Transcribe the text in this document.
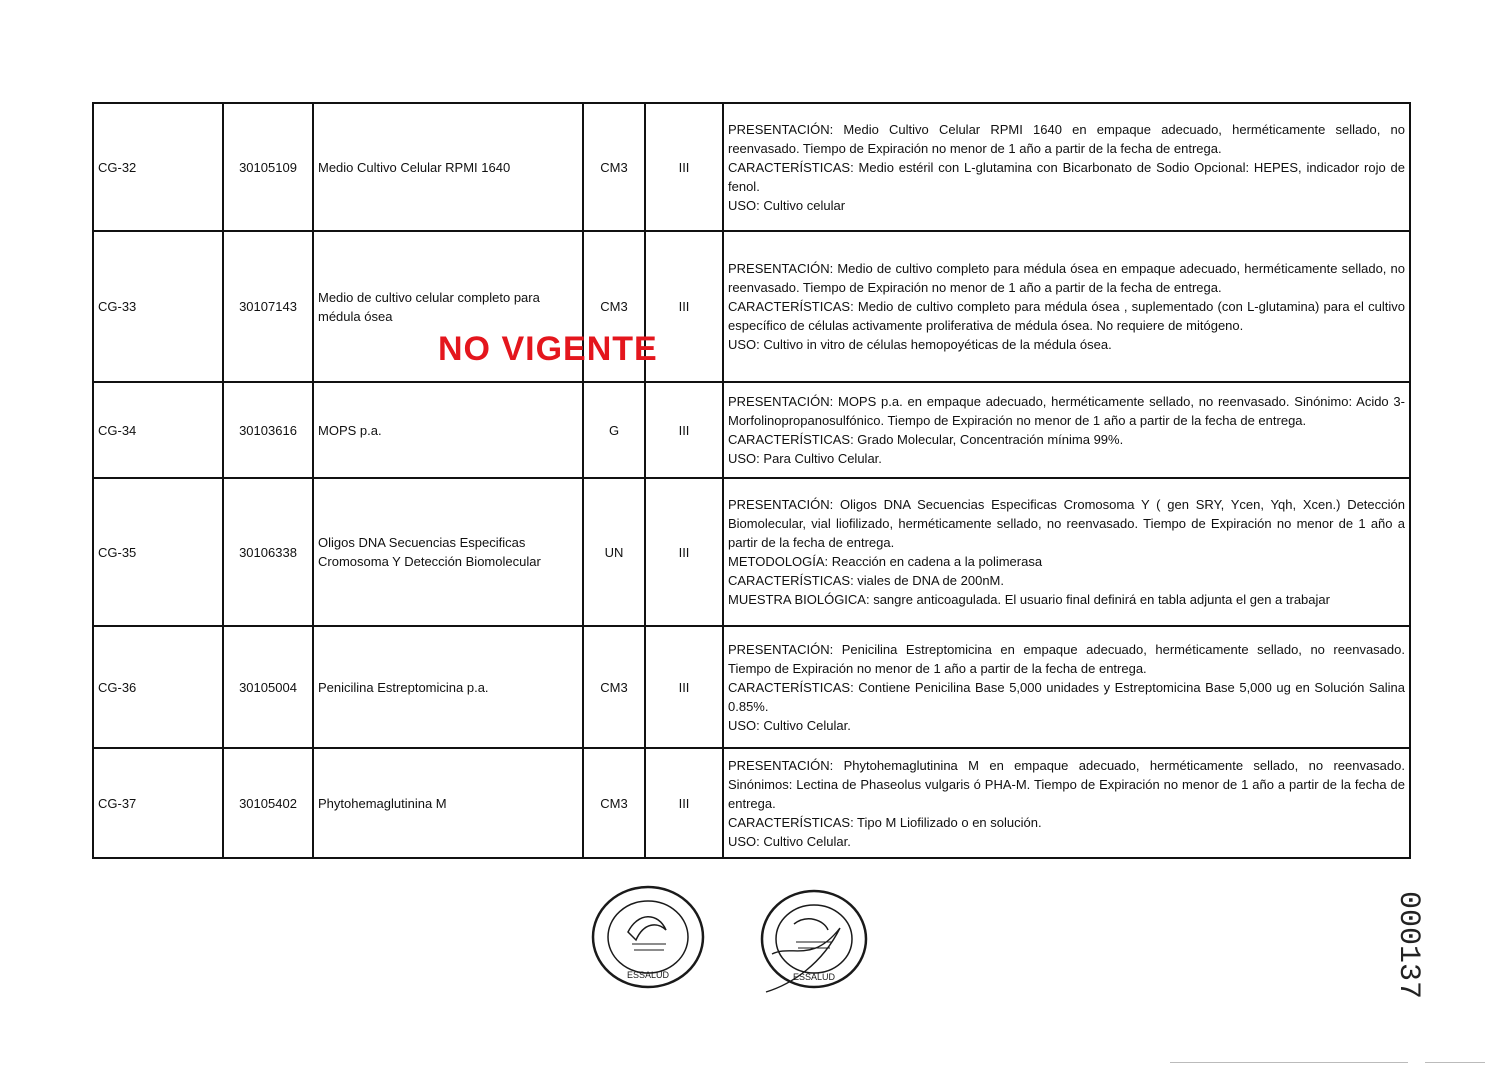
CG-32	30105109	Medio Cultivo Celular RPMI 1640	CM3	III	PRESENTACIÓN: Medio Cultivo Celular RPMI 1640 en empaque adecuado, herméticamente sellado, no reenvasado. Tiempo de Expiración no menor de 1 año a partir de la fecha de entrega.
CARACTERÍSTICAS: Medio estéril con L-glutamina con Bicarbonato de Sodio Opcional: HEPES, indicador rojo de fenol.
USO: Cultivo celular

CG-33	30107143	Medio de cultivo celular completo para médula ósea	CM3	III	PRESENTACIÓN: Medio de cultivo completo para médula ósea en empaque adecuado, herméticamente sellado, no reenvasado. Tiempo de Expiración no menor de 1 año a partir de la fecha de entrega.
CARACTERÍSTICAS: Medio de cultivo completo para médula ósea , suplementado (con L-glutamina) para el cultivo específico de células activamente proliferativa de médula ósea. No requiere de mitógeno.
USO: Cultivo in vitro de células hemopoyéticas de la médula ósea.

CG-34	30103616	MOPS p.a.	G	III	PRESENTACIÓN: MOPS p.a. en empaque adecuado, herméticamente sellado, no reenvasado. Sinónimo: Acido 3-Morfolinopropanosulfónico. Tiempo de Expiración no menor de 1 año a partir de la fecha de entrega.
CARACTERÍSTICAS: Grado Molecular, Concentración mínima 99%.
USO: Para Cultivo Celular.

CG-35	30106338	Oligos DNA Secuencias Especificas Cromosoma Y Detección Biomolecular	UN	III	PRESENTACIÓN: Oligos DNA Secuencias Especificas Cromosoma Y ( gen SRY, Ycen, Yqh, Xcen.) Detección Biomolecular, vial liofilizado, herméticamente sellado, no reenvasado. Tiempo de Expiración no menor de 1 año a partir de la fecha de entrega.
METODOLOGÍA: Reacción en cadena a la polimerasa
CARACTERÍSTICAS: viales de DNA de 200nM.
MUESTRA BIOLÓGICA: sangre anticoagulada. El usuario final definirá en tabla adjunta el gen a trabajar

CG-36	30105004	Penicilina Estreptomicina p.a.	CM3	III	PRESENTACIÓN: Penicilina Estreptomicina en empaque adecuado, herméticamente sellado, no reenvasado. Tiempo de Expiración no menor de 1 año a partir de la fecha de entrega.
CARACTERÍSTICAS: Contiene Penicilina Base 5,000 unidades y Estreptomicina Base 5,000 ug en Solución Salina 0.85%.
USO: Cultivo Celular.

CG-37	30105402	Phytohemaglutinina M	CM3	III	PRESENTACIÓN: Phytohemaglutinina M en empaque adecuado, herméticamente sellado, no reenvasado. Sinónimos: Lectina de Phaseolus vulgaris ó PHA-M. Tiempo de Expiración no menor de 1 año a partir de la fecha de entrega.
CARACTERÍSTICAS: Tipo M Liofilizado o en solución.
USO: Cultivo Celular.
NO VIGENTE
ESSALUD	ESSALUD	000137
